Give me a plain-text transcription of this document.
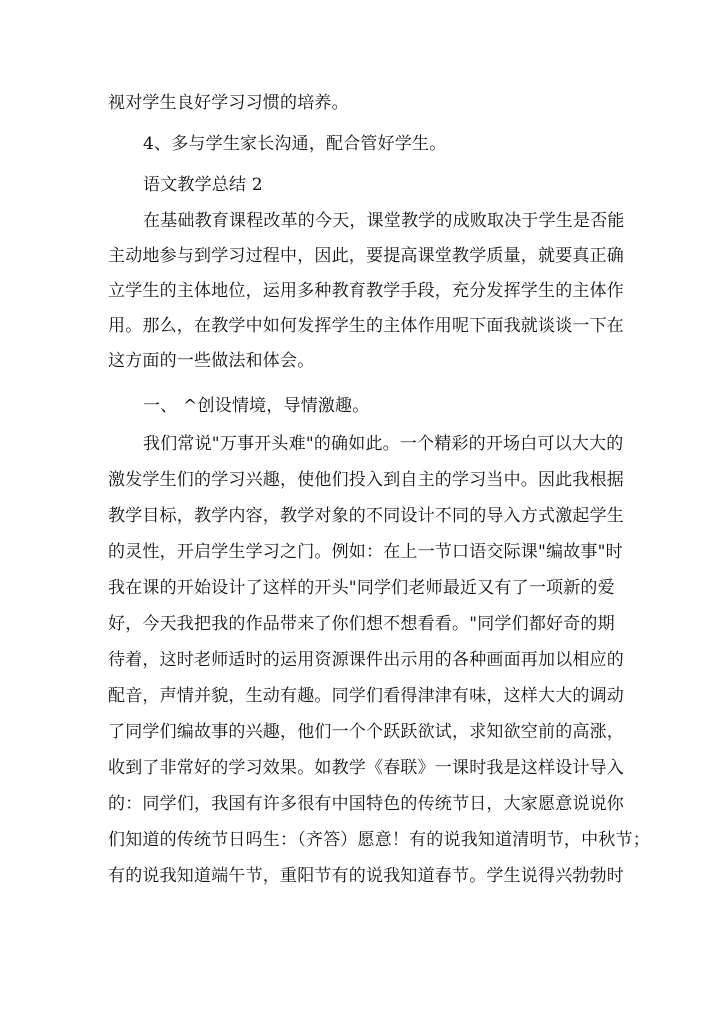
视对学生良好学习习惯的培养。
4、多与学生家长沟通，配合管好学生。
语文教学总结 2
在基础教育课程改革的今天，课堂教学的成败取决于学生是否能
主动地参与到学习过程中，因此，要提高课堂教学质量，就要真正确
立学生的主体地位，运用多种教育教学手段，充分发挥学生的主体作
用。那么，在教学中如何发挥学生的主体作用呢下面我就谈谈一下在
这方面的一些做法和体会。
一、 ^创设情境，导情激趣。
我们常说"万事开头难"的确如此。一个精彩的开场白可以大大的
激发学生们的学习兴趣，使他们投入到自主的学习当中。因此我根据
教学目标，教学内容，教学对象的不同设计不同的导入方式激起学生
的灵性，开启学生学习之门。例如：在上一节口语交际课"编故事"时
我在课的开始设计了这样的开头"同学们老师最近又有了一项新的爱
好，今天我把我的作品带来了你们想不想看看。"同学们都好奇的期
待着，这时老师适时的运用资源课件出示用的各种画面再加以相应的
配音，声情并貌，生动有趣。同学们看得津津有味，这样大大的调动
了同学们编故事的兴趣，他们一个个跃跃欲试，求知欲空前的高涨，
收到了非常好的学习效果。如教学《春联》一课时我是这样设计导入
的：同学们，我国有许多很有中国特色的传统节日，大家愿意说说你
们知道的传统节日吗生：（齐答）愿意！有的说我知道清明节，中秋节；
有的说我知道端午节，重阳节有的说我知道春节。学生说得兴勃勃时
